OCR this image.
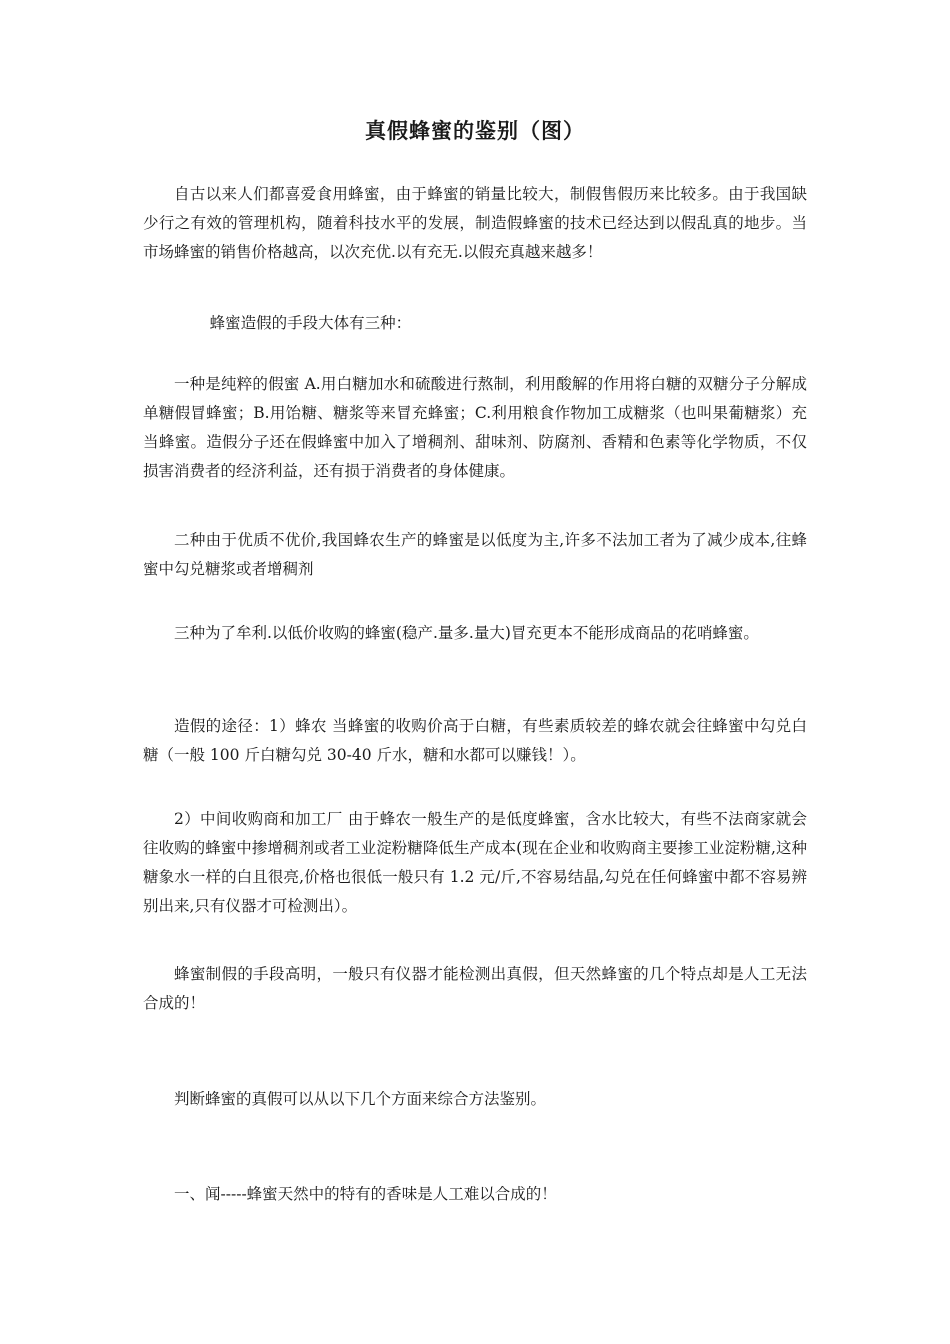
真假蜂蜜的鉴别（图）

自古以来人们都喜爱食用蜂蜜，由于蜂蜜的销量比较大，制假售假历来比较多。由于我国缺少行之有效的管理机构，随着科技水平的发展，制造假蜂蜜的技术已经达到以假乱真的地步。当市场蜂蜜的销售价格越高，以次充优.以有充无.以假充真越来越多！

蜂蜜造假的手段大体有三种：

一种是纯粹的假蜜 A.用白糖加水和硫酸进行熬制，利用酸解的作用将白糖的双糖分子分解成单糖假冒蜂蜜；B.用饴糖、糖浆等来冒充蜂蜜；C.利用粮食作物加工成糖浆（也叫果葡糖浆）充当蜂蜜。造假分子还在假蜂蜜中加入了增稠剂、甜味剂、防腐剂、香精和色素等化学物质，不仅损害消费者的经济利益，还有损于消费者的身体健康。

二种由于优质不优价,我国蜂农生产的蜂蜜是以低度为主,许多不法加工者为了减少成本,往蜂蜜中勾兑糖浆或者增稠剂

三种为了牟利.以低价收购的蜂蜜(稳产.量多.量大)冒充更本不能形成商品的花哨蜂蜜。

造假的途径：1）蜂农 当蜂蜜的收购价高于白糖，有些素质较差的蜂农就会往蜂蜜中勾兑白糖（一般 100 斤白糖勾兑 30-40 斤水，糖和水都可以赚钱！）。

2）中间收购商和加工厂 由于蜂农一般生产的是低度蜂蜜，含水比较大，有些不法商家就会往收购的蜂蜜中掺增稠剂或者工业淀粉糖降低生产成本(现在企业和收购商主要掺工业淀粉糖,这种糖象水一样的白且很亮,价格也很低一般只有 1.2 元/斤,不容易结晶,勾兑在任何蜂蜜中都不容易辨别出来,只有仪器才可检测出）。

蜂蜜制假的手段高明，一般只有仪器才能检测出真假，但天然蜂蜜的几个特点却是人工无法合成的！

判断蜂蜜的真假可以从以下几个方面来综合方法鉴别。

一、闻-----蜂蜜天然中的特有的香味是人工难以合成的！
